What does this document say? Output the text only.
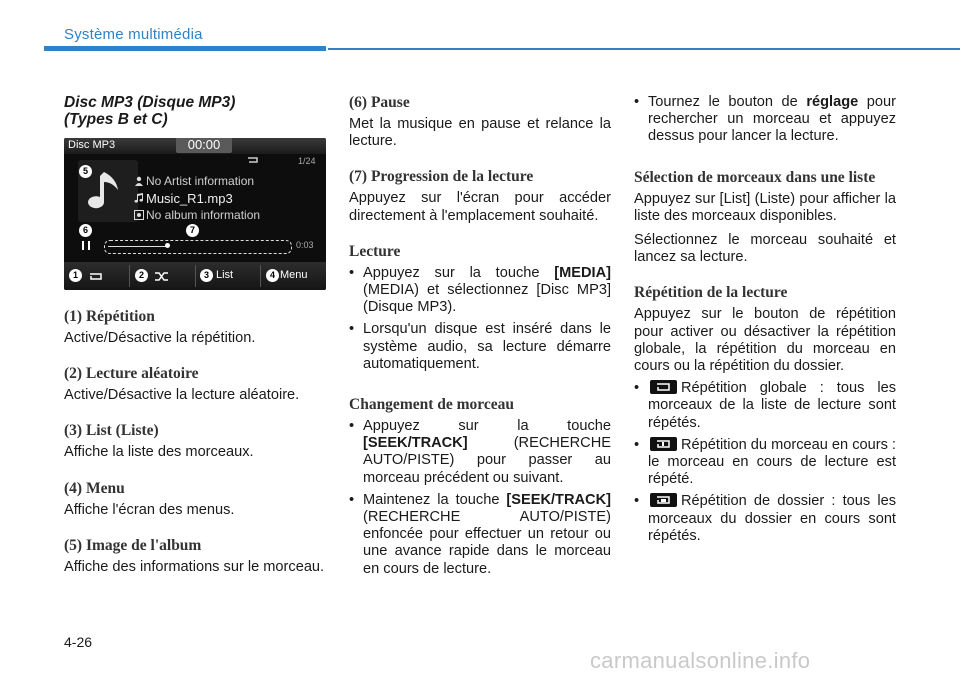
Système multimédia
Disc MP3 (Disque MP3)
(Types B et C)
Disc MP3	00:00
1/24
No Artist information
Music_R1.mp3
No album information
0:03
List	Menu
1	2	3	4
5
6	7
(1) Répétition
Active/Désactive la répétition.
(2) Lecture aléatoire
Active/Désactive la lecture aléatoire.
(3) List (Liste)
Affiche la liste des morceaux.
(4) Menu
Affiche l'écran des menus.
(5) Image de l'album
Affiche des informations sur le morceau.
(6) Pause
Met la musique en pause et relance la lecture.
(7) Progression de la lecture
Appuyez sur l'écran pour accéder directement à l'emplacement souhaité.
Lecture
• Appuyez sur la touche [MEDIA] (MEDIA) et sélectionnez [Disc MP3] (Disque MP3).
• Lorsqu'un disque est inséré dans le système audio, sa lecture démarre automatiquement.
Changement de morceau
• Appuyez sur la touche [SEEK/TRACK] (RECHERCHE AUTO/PISTE) pour passer au morceau précédent ou suivant.
• Maintenez la touche [SEEK/TRACK] (RECHERCHE AUTO/PISTE) enfoncée pour effectuer un retour ou une avance rapide dans le morceau en cours de lecture.
• Tournez le bouton de réglage pour rechercher un morceau et appuyez dessus pour lancer la lecture.
Sélection de morceaux dans une liste
Appuyez sur [List] (Liste) pour afficher la liste des morceaux disponibles.
Sélectionnez le morceau souhaité et lancez sa lecture.
Répétition de la lecture
Appuyez sur le bouton de répétition pour activer ou désactiver la répétition globale, la répétition du morceau en cours ou la répétition du dossier.
•	Répétition globale : tous les morceaux de la liste de lecture sont répétés.
•	Répétition du morceau en cours : le morceau en cours de lecture est répété.
•	Répétition de dossier : tous les morceaux du dossier en cours sont répétés.
4-26
carmanualsonline.info
